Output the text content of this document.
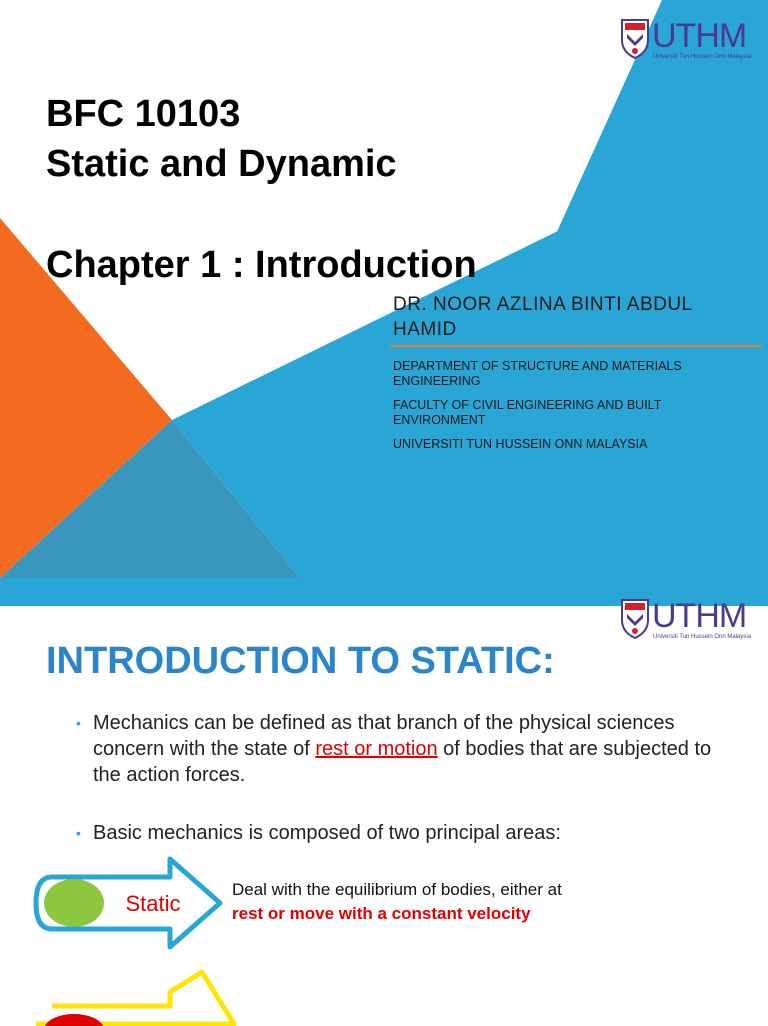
UTHM
Universiti Tun Hussein Onn Malaysia
BFC 10103
Static and Dynamic
Chapter 1 : Introduction
DR. NOOR AZLINA BINTI ABDUL
HAMID
DEPARTMENT OF STRUCTURE AND MATERIALS ENGINEERING
FACULTY OF CIVIL ENGINEERING AND BUILT ENVIRONMENT
UNIVERSITI TUN HUSSEIN ONN MALAYSIA
UTHM
Universiti Tun Hussein Onn Malaysia
INTRODUCTION TO STATIC:
• Mechanics can be defined as that branch of the physical sciences concern with the state of rest or motion of bodies that are subjected to the action forces.
• Basic mechanics is composed of two principal areas:
Static
Deal with the equilibrium of bodies, either at
rest or move with a constant velocity
